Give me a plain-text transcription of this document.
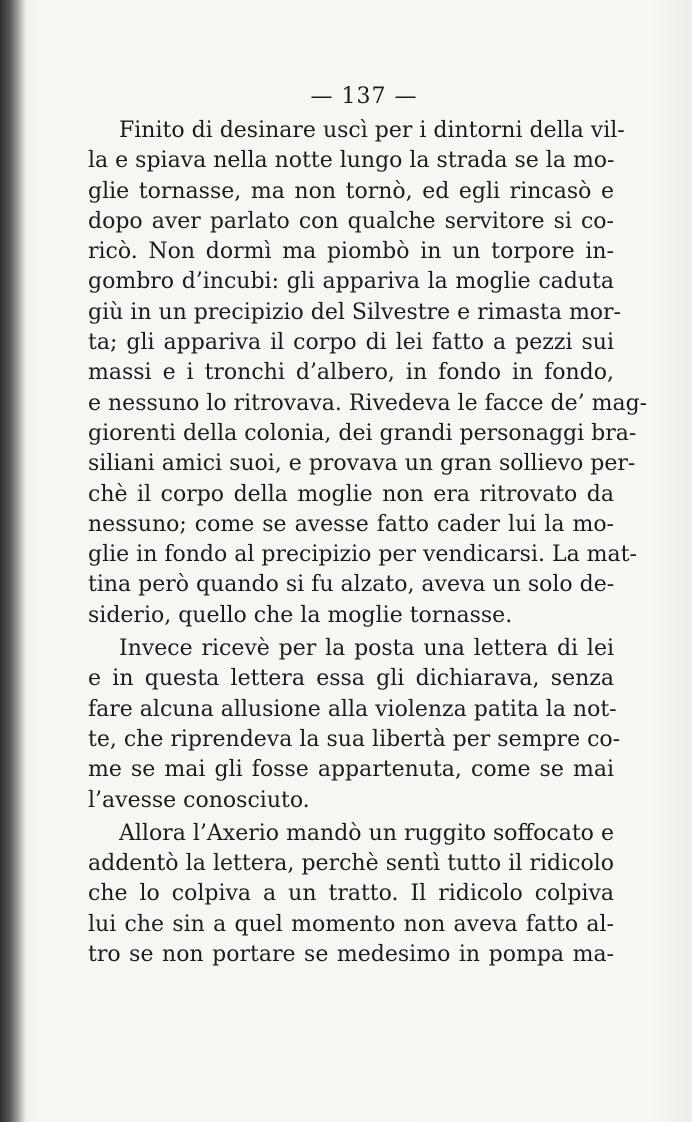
— 137 —
Finito di desinare uscì per i dintorni della vil-
la e spiava nella notte lungo la strada se la mo-
glie tornasse, ma non tornò, ed egli rincasò e
dopo aver parlato con qualche servitore si co-
ricò. Non dormì ma piombò in un torpore in-
gombro d’incubi: gli appariva la moglie caduta
giù in un precipizio del Silvestre e rimasta mor-
ta; gli appariva il corpo di lei fatto a pezzi sui
massi e i tronchi d’albero, in fondo in fondo,
e nessuno lo ritrovava. Rivedeva le facce de’ mag-
giorenti della colonia, dei grandi personaggi bra-
siliani amici suoi, e provava un gran sollievo per-
chè il corpo della moglie non era ritrovato da
nessuno; come se avesse fatto cader lui la mo-
glie in fondo al precipizio per vendicarsi. La mat-
tina però quando si fu alzato, aveva un solo de-
siderio, quello che la moglie tornasse.
Invece ricevè per la posta una lettera di lei
e in questa lettera essa gli dichiarava, senza
fare alcuna allusione alla violenza patita la not-
te, che riprendeva la sua libertà per sempre co-
me se mai gli fosse appartenuta, come se mai
l’avesse conosciuto.
Allora l’Axerio mandò un ruggito soffocato e
addentò la lettera, perchè sentì tutto il ridicolo
che lo colpiva a un tratto. Il ridicolo colpiva
lui che sin a quel momento non aveva fatto al-
tro se non portare se medesimo in pompa ma-
